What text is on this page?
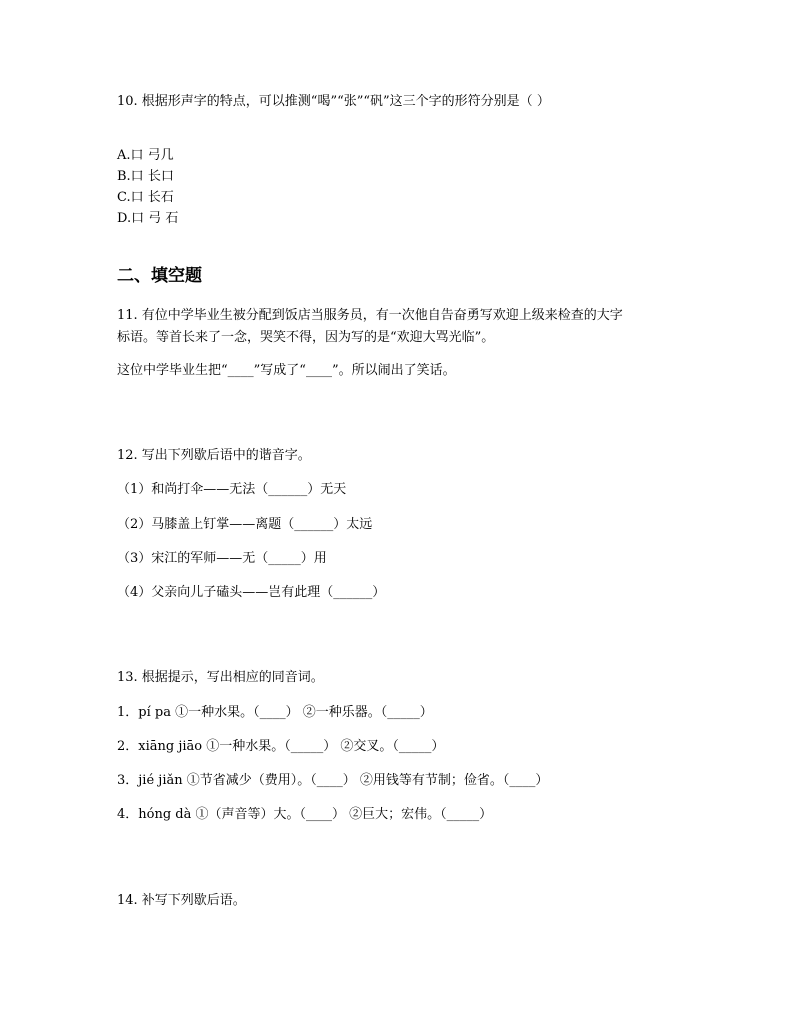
10. 根据形声字的特点，可以推测“喝”“张”“矾”这三个字的形符分别是（ ）
A.口 弓几
B.口 长口
C.口 长石
D.口 弓 石
二、填空题
11. 有位中学毕业生被分配到饭店当服务员，有一次他自告奋勇写欢迎上级来检查的大字
标语。等首长来了一念，哭笑不得，因为写的是“欢迎大骂光临”。
这位中学毕业生把“____”写成了“____”。所以闹出了笑话。
12. 写出下列歇后语中的谐音字。
（1）和尚打伞——无法（______）无天
（2）马膝盖上钉掌——离题（______）太远
（3）宋江的军师——无（_____）用
（4）父亲向儿子磕头——岂有此理（______）
13. 根据提示，写出相应的同音词。
1．pí pa ①一种水果。（____） ②一种乐器。（_____）
2．xiāng jiāo ①一种水果。（_____） ②交叉。（_____）
3．jié jiǎn ①节省减少（费用）。（____） ②用钱等有节制；俭省。（____）
4．hóng dà ①（声音等）大。（____） ②巨大；宏伟。（_____）
14. 补写下列歇后语。
